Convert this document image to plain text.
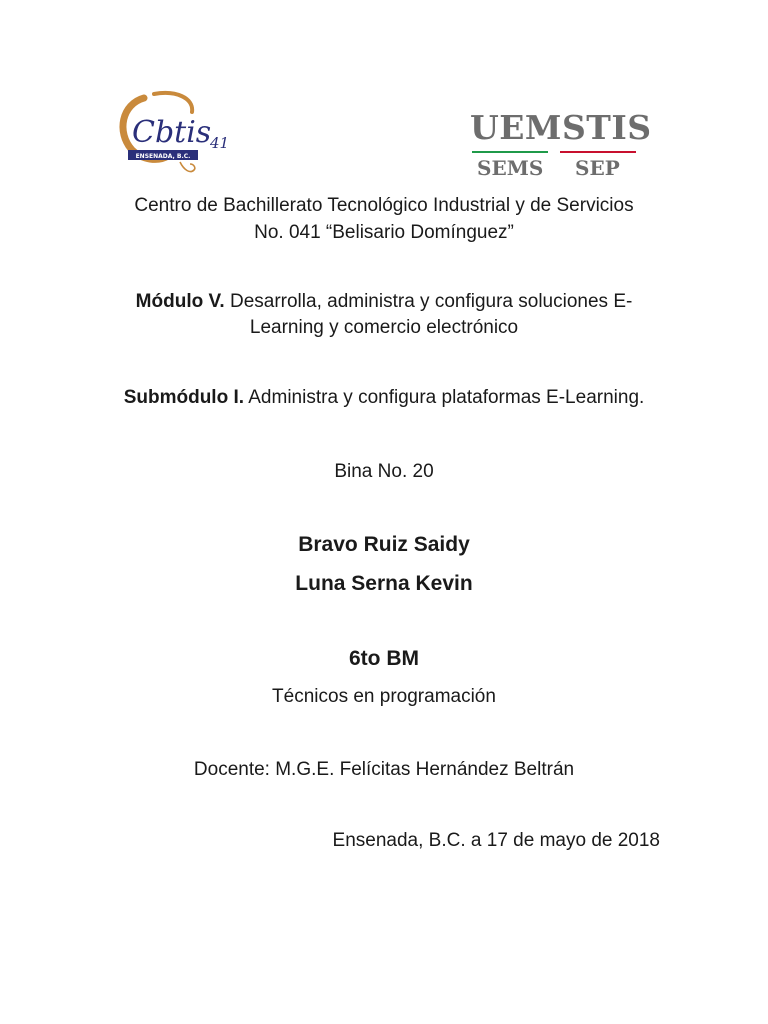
Cbtis
41
ENSENADA, B.C.
UEMSTIS
SEMS SEP
Centro de Bachillerato Tecnológico Industrial y de Servicios
No. 041 “Belisario Domínguez”
Módulo V. Desarrolla, administra y configura soluciones E-
Learning y comercio electrónico
Submódulo I. Administra y configura plataformas E-Learning.
Bina No. 20
Bravo Ruiz Saidy
Luna Serna Kevin
6to BM
Técnicos en programación
Docente: M.G.E. Felícitas Hernández Beltrán
Ensenada, B.C. a 17 de mayo de 2018
